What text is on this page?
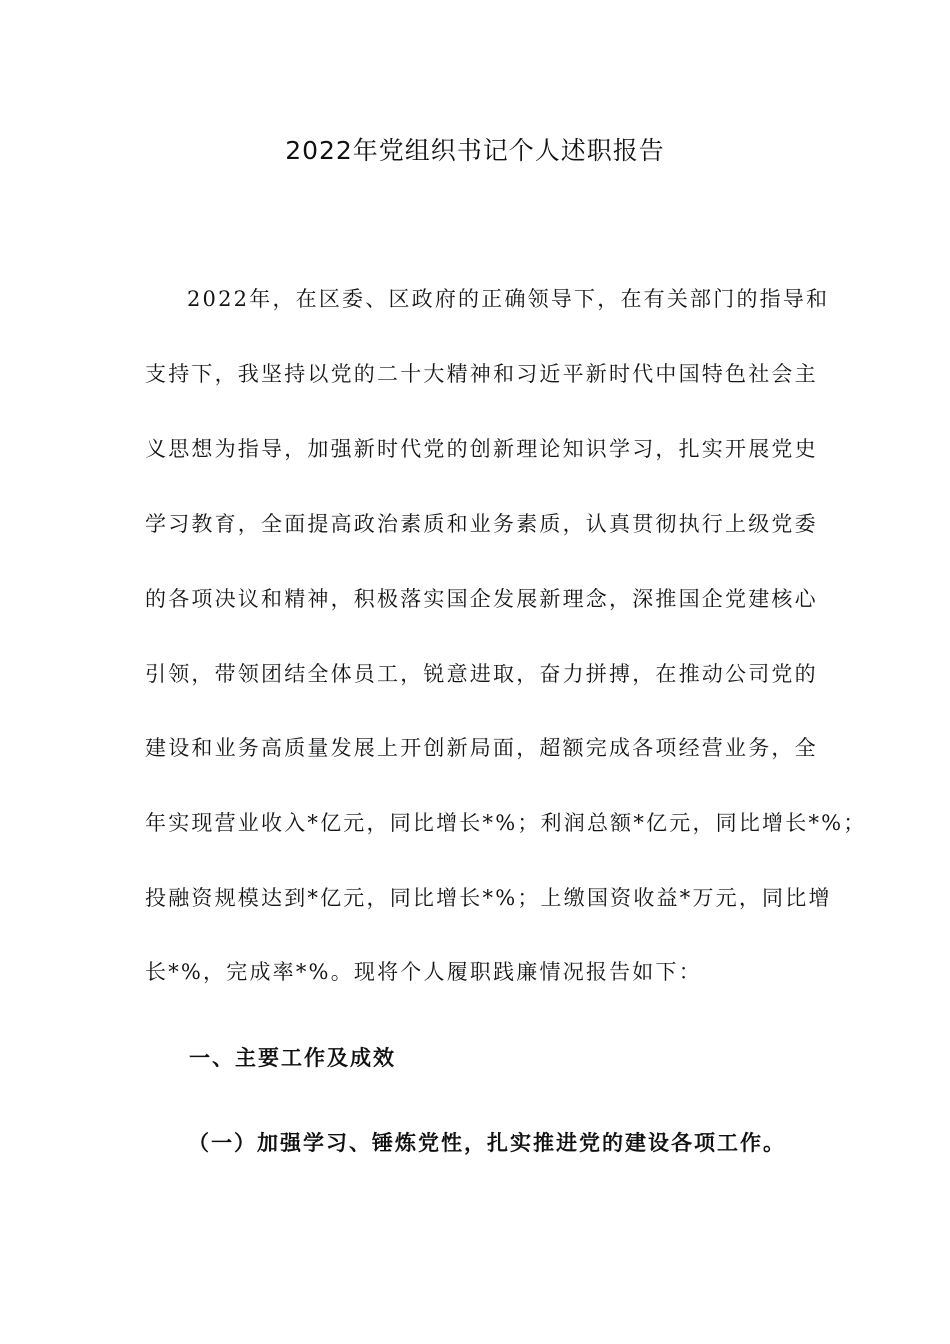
2022年党组织书记个人述职报告
2022年，在区委、区政府的正确领导下，在有关部门的指导和
支持下，我坚持以党的二十大精神和习近平新时代中国特色社会主
义思想为指导，加强新时代党的创新理论知识学习，扎实开展党史
学习教育，全面提高政治素质和业务素质，认真贯彻执行上级党委
的各项决议和精神，积极落实国企发展新理念，深推国企党建核心
引领，带领团结全体员工，锐意进取，奋力拼搏，在推动公司党的
建设和业务高质量发展上开创新局面，超额完成各项经营业务，全
年实现营业收入*亿元，同比增长*%；利润总额*亿元，同比增长*%；
投融资规模达到*亿元，同比增长*%；上缴国资收益*万元，同比增
长*%，完成率*%。现将个人履职践廉情况报告如下：
一、主要工作及成效
（一）加强学习、锤炼党性，扎实推进党的建设各项工作。
